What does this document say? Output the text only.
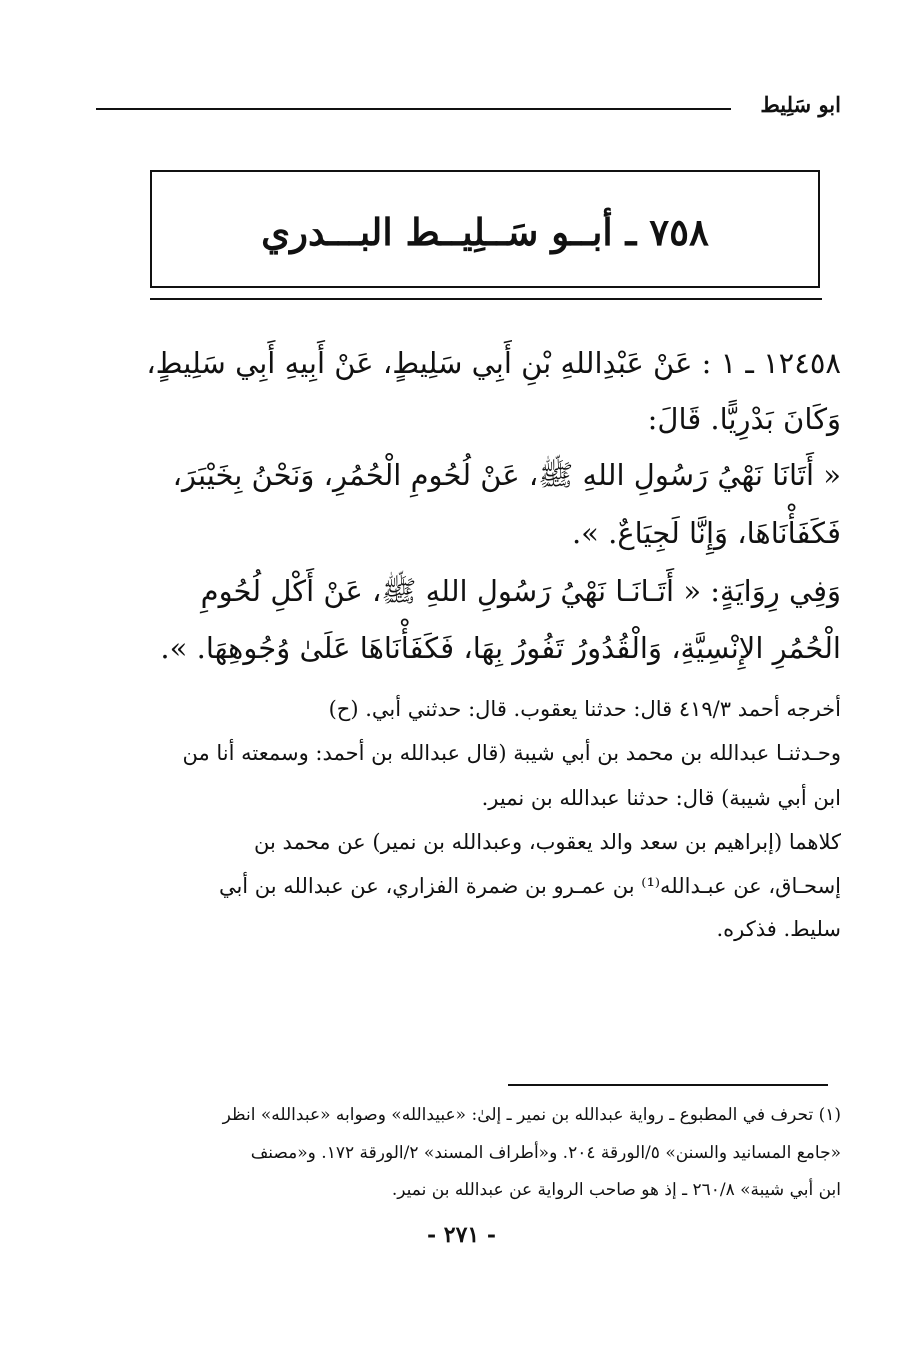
ابو سَلِيط
٧٥٨ ـ أبــو سَــلِيــط البـــدري
١٢٤٥٨ ـ ١ : عَنْ عَبْدِاللهِ بْنِ أَبِي سَلِيطٍ، عَنْ أَبِيهِ أَبِي سَلِيطٍ،
وَكَانَ بَدْرِيًّا. قَالَ:
« أَتَانَا نَهْيُ رَسُولِ اللهِ ﷺ، عَنْ لُحُومِ الْحُمُرِ، وَنَحْنُ بِخَيْبَرَ،
فَكَفَأْنَاهَا، وَإِنَّا لَجِيَاعٌ. ».
وَفِي رِوَايَةٍ: « أَتَـانَـا نَهْيُ رَسُولِ اللهِ ﷺ، عَنْ أَكْلِ لُحُومِ
الْحُمُرِ الإِنْسِيَّةِ، وَالْقُدُورُ تَفُورُ بِهَا، فَكَفَأْنَاهَا عَلَىٰ وُجُوهِهَا. ».
أخرجه أحمد ٤١٩/٣ قال: حدثنا يعقوب. قال: حدثني أبي. (ح)
وحـدثنـا عبدالله بن محمد بن أبي شيبة (قال عبدالله بن أحمد: وسمعته أنا من
ابن أبي شيبة) قال: حدثنا عبدالله بن نمير.
كلاهما (إبراهيم بن سعد والد يعقوب، وعبدالله بن نمير) عن محمد بن
إسحـاق، عن عبـدالله⁽¹⁾ بن عمـرو بن ضمرة الفزاري، عن عبدالله بن أبي
سليط. فذكره.
(١) تحرف في المطبوع ـ رواية عبدالله بن نمير ـ إلىٰ: «عبيدالله» وصوابه «عبدالله» انظر
«جامع المسانيد والسنن» ٥/الورقة ٢٠٤. و«أطراف المسند» ٢/الورقة ١٧٢. و«مصنف
ابن أبي شيبة» ٢٦٠/٨ ـ إذ هو صاحب الرواية عن عبدالله بن نمير.
- ٢٧١ -
